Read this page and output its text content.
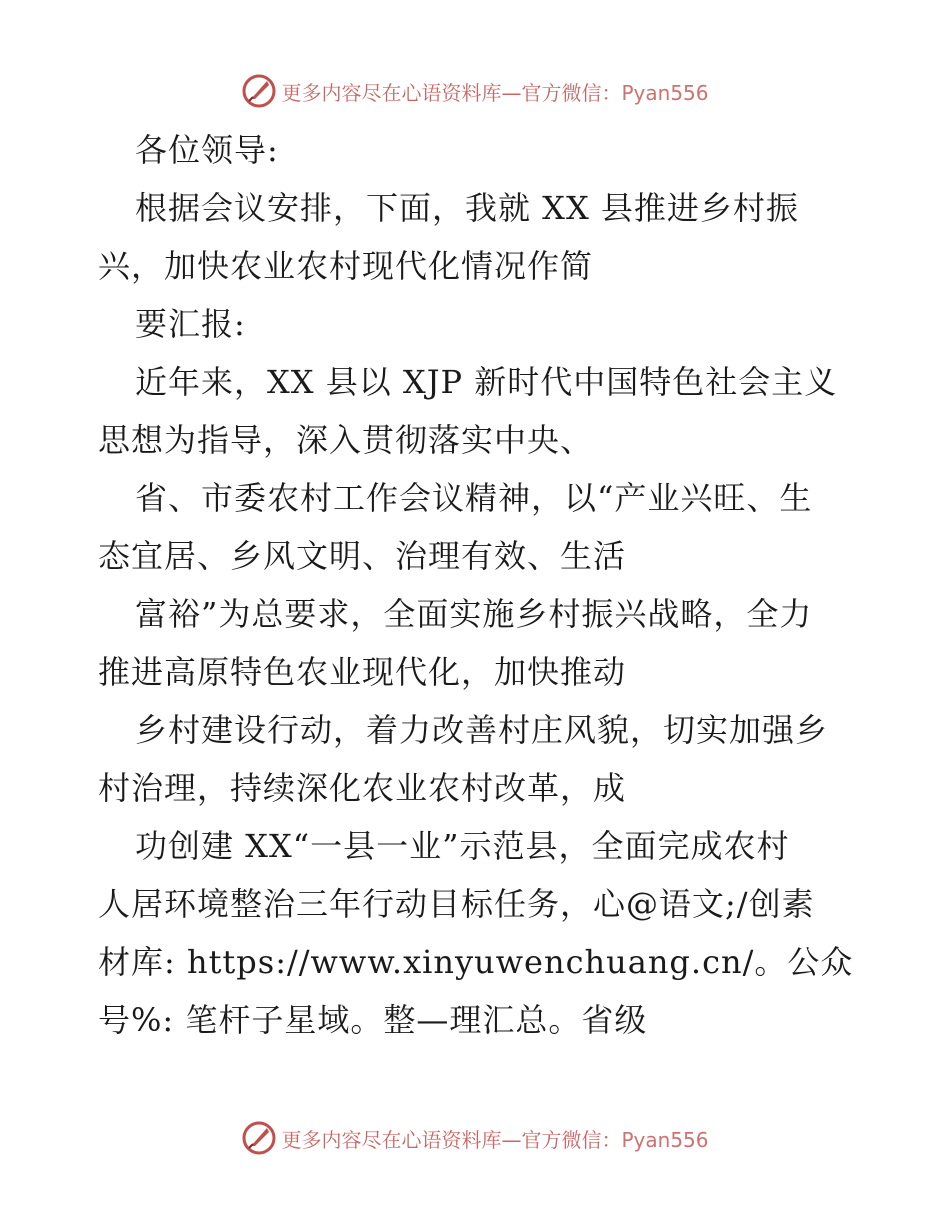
更多内容尽在心语资料库—官方微信：Pyan556
各位领导:
根据会议安排，下面，我就 XX 县推进乡村振
兴，加快农业农村现代化情况作简
要汇报:
近年来，XX 县以 XJP 新时代中国特色社会主义
思想为指导，深入贯彻落实中央、
省、市委农村工作会议精神，以“产业兴旺、生
态宜居、乡风文明、治理有效、生活
富裕”为总要求，全面实施乡村振兴战略，全力
推进高原特色农业现代化，加快推动
乡村建设行动，着力改善村庄风貌，切实加强乡
村治理，持续深化农业农村改革，成
功创建 XX“一县一业”示范县，全面完成农村
人居环境整治三年行动目标任务，心@语文;/创素
材库: https://www.xinyuwenchuang.cn/。公众
号%: 笔杆子星域。整—理汇总。省级
更多内容尽在心语资料库—官方微信：Pyan556
